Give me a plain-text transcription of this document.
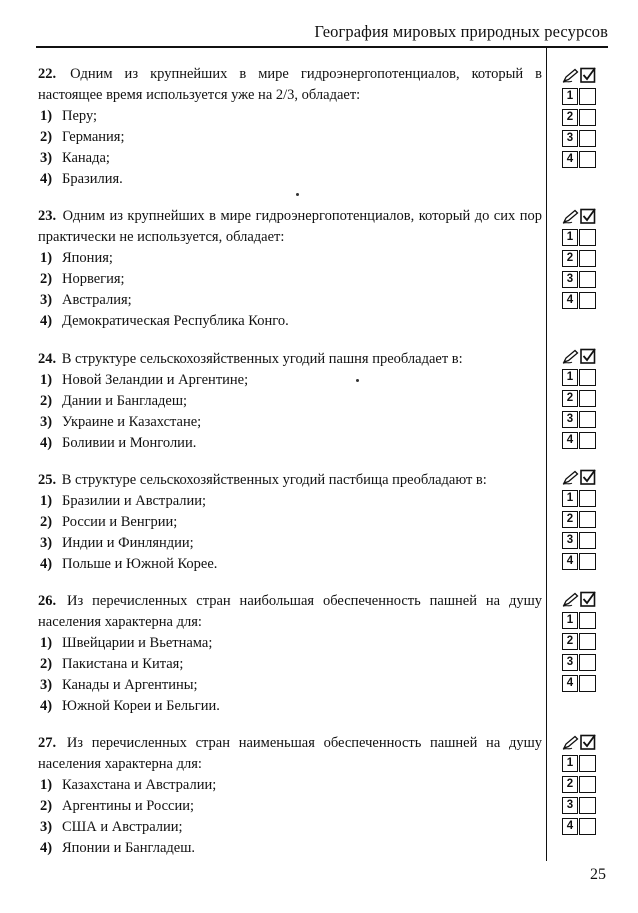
География мировых природных ресурсов

22. Одним из крупнейших в мире гидроэнергопотенциалов, который в настоящее время используется уже на 2/3, обладает:

1) Перу;
2) Германия;
3) Канада;
4) Бразилия.
1
2
3
4

23. Одним из крупнейших в мире гидроэнергопотенциалов, который до сих пор практически не используется, обладает:

1) Япония;
2) Норвегия;
3) Австралия;
4) Демократическая Республика Конго.
1
2
3
4

24. В структуре сельскохозяйственных угодий пашня преобладает в:

1) Новой Зеландии и Аргентине;
2) Дании и Бангладеш;
3) Украине и Казахстане;
4) Боливии и Монголии.
1
2
3
4

25. В структуре сельскохозяйственных угодий пастбища преобладают в:

1) Бразилии и Австралии;
2) России и Венгрии;
3) Индии и Финляндии;
4) Польше и Южной Корее.
1
2
3
4

26. Из перечисленных стран наибольшая обеспеченность пашней на душу населения характерна для:

1) Швейцарии и Вьетнама;
2) Пакистана и Китая;
3) Канады и Аргентины;
4) Южной Кореи и Бельгии.
1
2
3
4

27. Из перечисленных стран наименьшая обеспеченность пашней на душу населения характерна для:

1) Казахстана и Австралии;
2) Аргентины и России;
3) США и Австралии;
4) Японии и Бангладеш.
1
2
3
4
25
